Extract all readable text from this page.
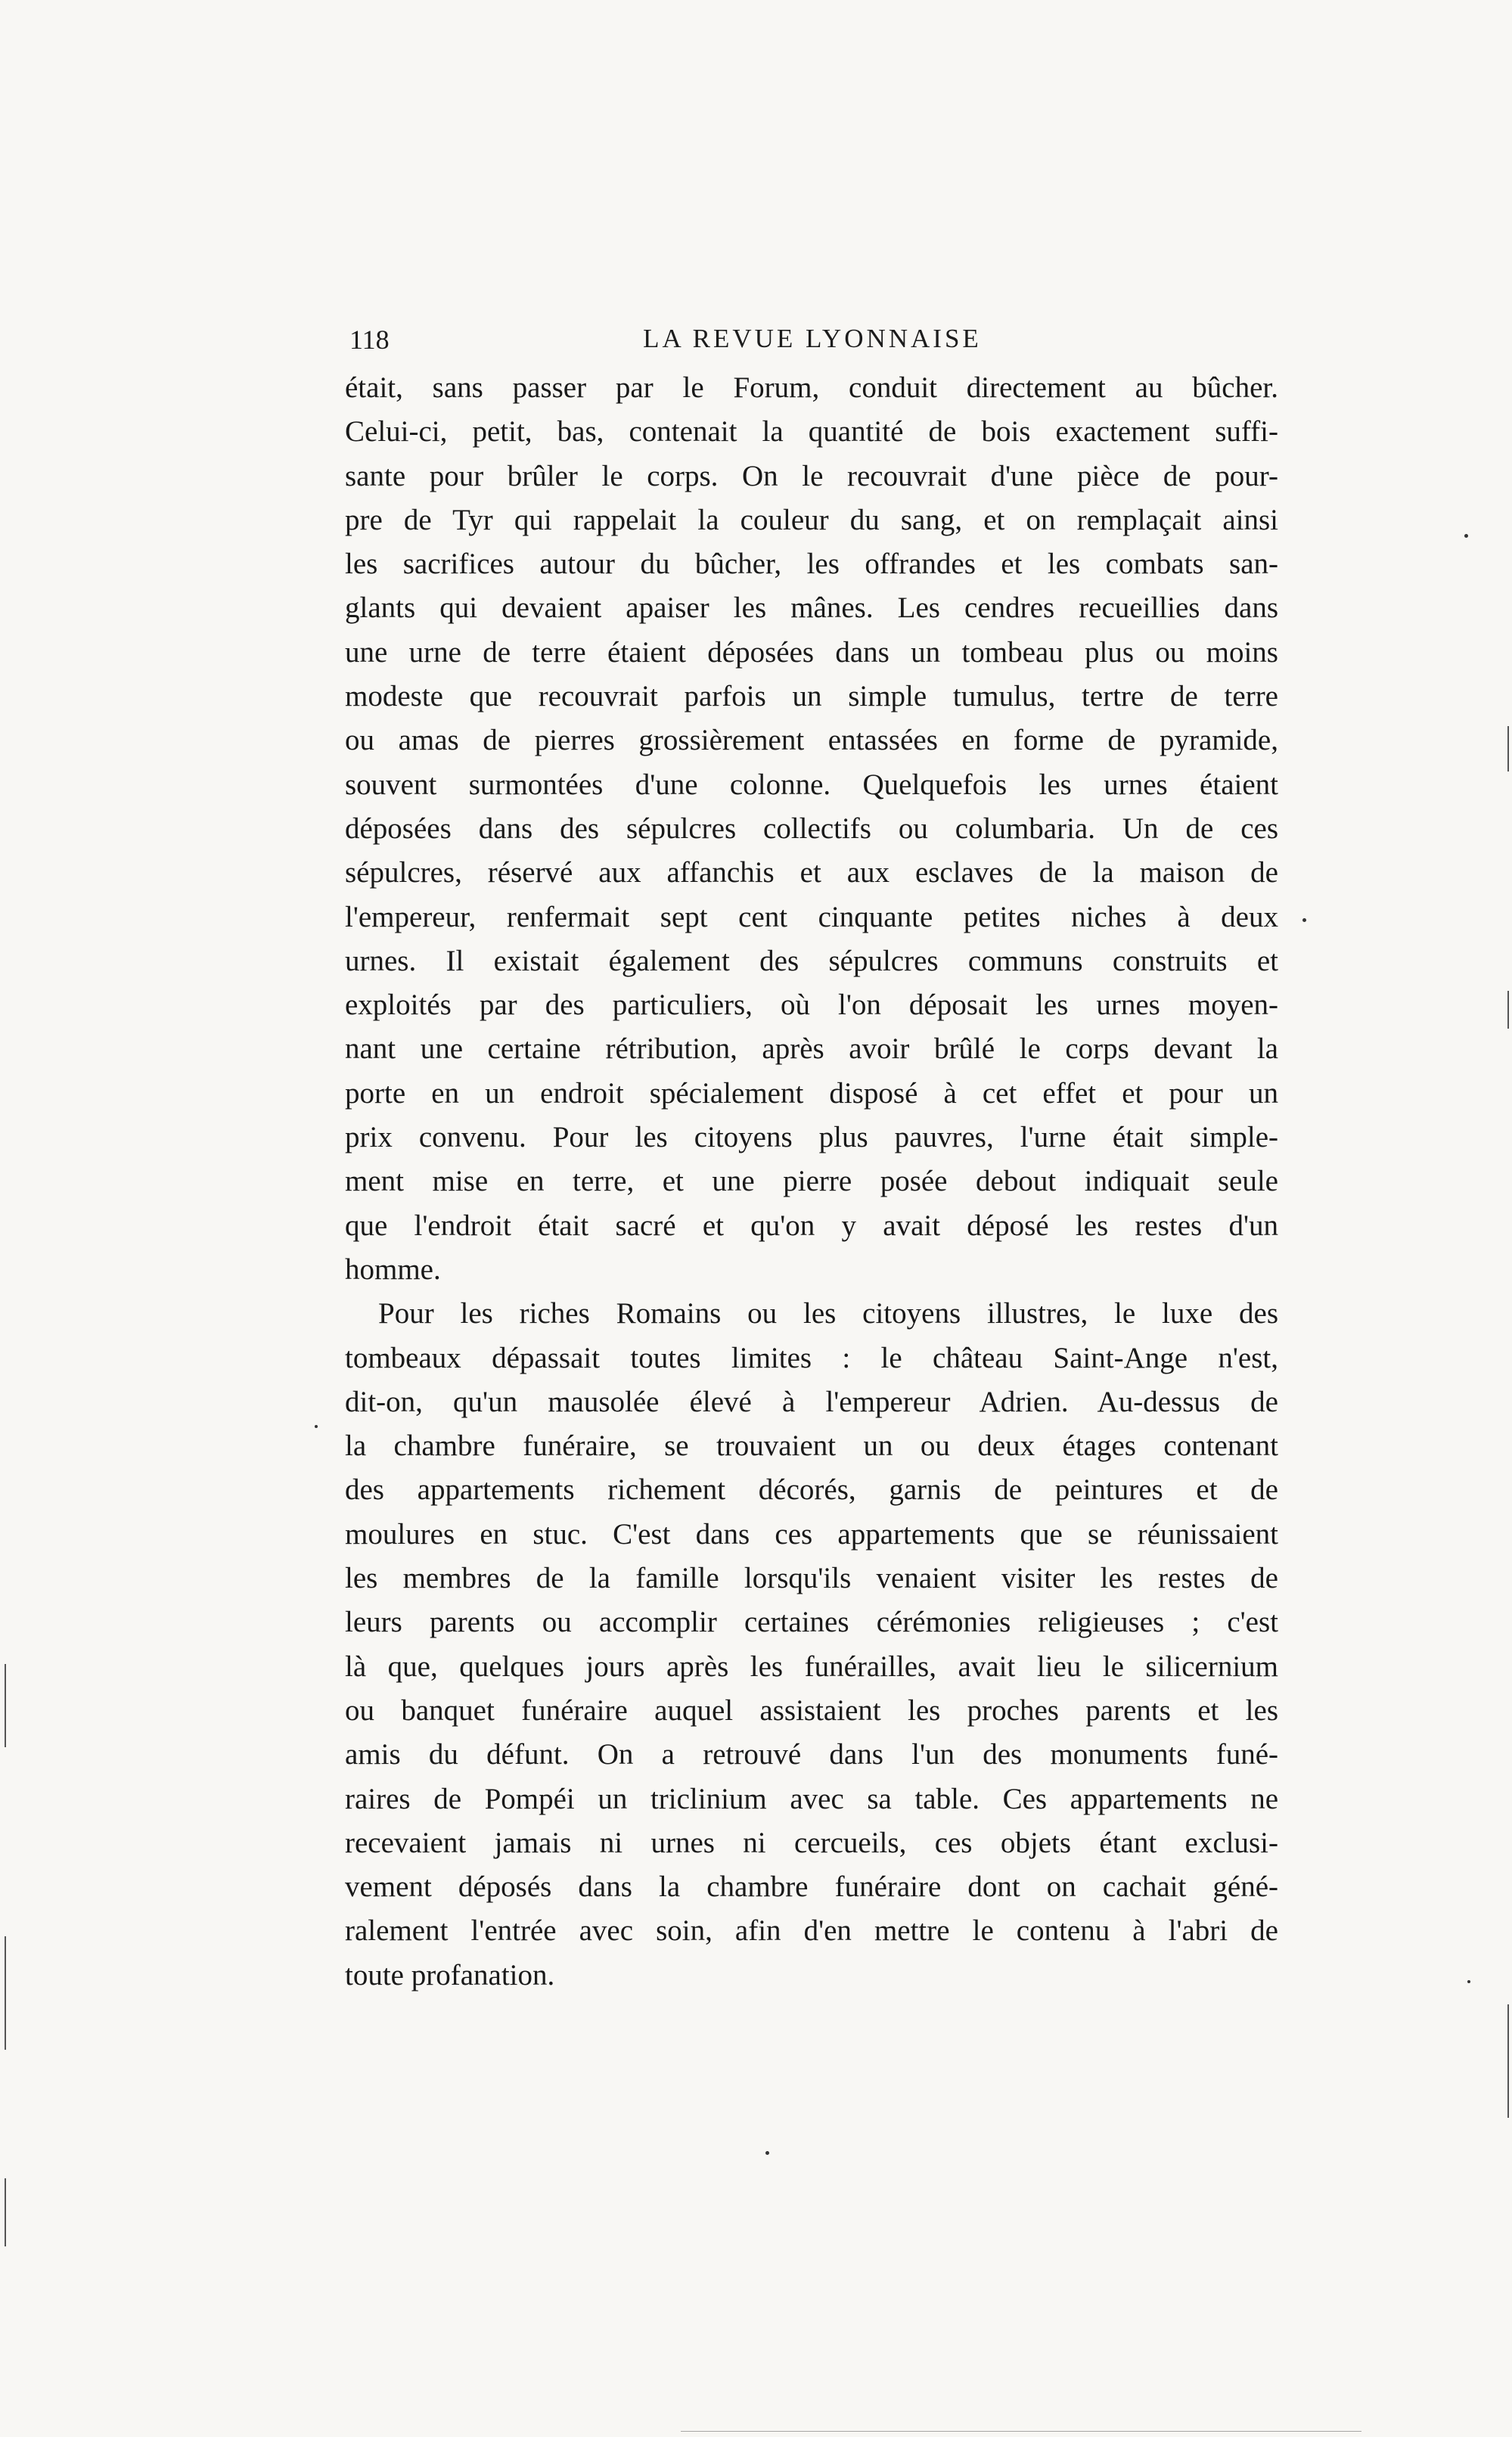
118	LA REVUE LYONNAISE
était, sans passer par le Forum, conduit directement au bûcher.
Celui-ci, petit, bas, contenait la quantité de bois exactement suffi-
sante pour brûler le corps. On le recouvrait d'une pièce de pour-
pre de Tyr qui rappelait la couleur du sang, et on remplaçait ainsi
les sacrifices autour du bûcher, les offrandes et les combats san-
glants qui devaient apaiser les mânes. Les cendres recueillies dans
une urne de terre étaient déposées dans un tombeau plus ou moins
modeste que recouvrait parfois un simple tumulus, tertre de terre
ou amas de pierres grossièrement entassées en forme de pyramide,
souvent surmontées d'une colonne. Quelquefois les urnes étaient
déposées dans des sépulcres collectifs ou columbaria. Un de ces
sépulcres, réservé aux affanchis et aux esclaves de la maison de
l'empereur, renfermait sept cent cinquante petites niches à deux
urnes. Il existait également des sépulcres communs construits et
exploités par des particuliers, où l'on déposait les urnes moyen-
nant une certaine rétribution, après avoir brûlé le corps devant la
porte en un endroit spécialement disposé à cet effet et pour un
prix convenu. Pour les citoyens plus pauvres, l'urne était simple-
ment mise en terre, et une pierre posée debout indiquait seule
que l'endroit était sacré et qu'on y avait déposé les restes d'un
homme.
Pour les riches Romains ou les citoyens illustres, le luxe des
tombeaux dépassait toutes limites : le château Saint-Ange n'est,
dit-on, qu'un mausolée élevé à l'empereur Adrien. Au-dessus de
la chambre funéraire, se trouvaient un ou deux étages contenant
des appartements richement décorés, garnis de peintures et de
moulures en stuc. C'est dans ces appartements que se réunissaient
les membres de la famille lorsqu'ils venaient visiter les restes de
leurs parents ou accomplir certaines cérémonies religieuses ; c'est
là que, quelques jours après les funérailles, avait lieu le silicernium
ou banquet funéraire auquel assistaient les proches parents et les
amis du défunt. On a retrouvé dans l'un des monuments funé-
raires de Pompéi un triclinium avec sa table. Ces appartements ne
recevaient jamais ni urnes ni cercueils, ces objets étant exclusi-
vement déposés dans la chambre funéraire dont on cachait géné-
ralement l'entrée avec soin, afin d'en mettre le contenu à l'abri de
toute profanation.
